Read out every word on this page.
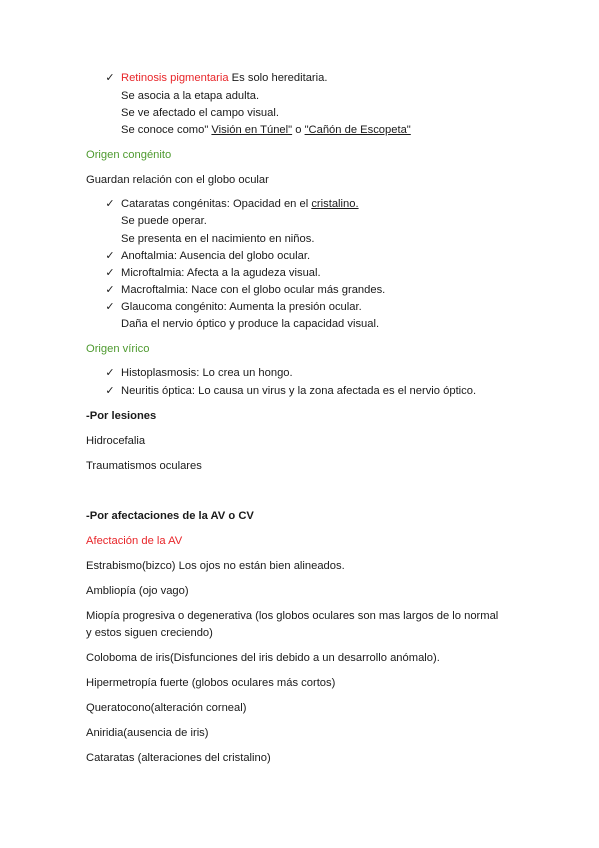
✓ Retinosis pigmentaria Es solo hereditaria.
Se asocia a la etapa adulta.
Se ve afectado el campo visual.
Se conoce como" Visión en Túnel" o "Cañón de Escopeta"
Origen congénito
Guardan relación con el globo ocular
✓ Cataratas congénitas: Opacidad en el cristalino.
Se puede operar.
Se presenta en el nacimiento en niños.
✓ Anoftalmia: Ausencia del globo ocular.
✓ Microftalmia: Afecta a la agudeza visual.
✓ Macroftalmia: Nace con el globo ocular más grandes.
✓ Glaucoma congénito: Aumenta la presión ocular.
Daña el nervio óptico y produce la capacidad visual.
Origen vírico
✓ Histoplasmosis: Lo crea un hongo.
✓ Neuritis óptica: Lo causa un virus y la zona afectada es el nervio óptico.
-Por lesiones
Hidrocefalia
Traumatismos oculares
-Por afectaciones de la AV o CV
Afectación de la AV
Estrabismo(bizco) Los ojos no están bien alineados.
Ambliopía (ojo vago)
Miopía progresiva o degenerativa (los globos oculares son mas largos de lo normal
y estos siguen creciendo)
Coloboma de iris(Disfunciones del iris debido a un desarrollo anómalo).
Hipermetropía fuerte (globos oculares más cortos)
Queratocono(alteración corneal)
Aniridia(ausencia de iris)
Cataratas (alteraciones del cristalino)
